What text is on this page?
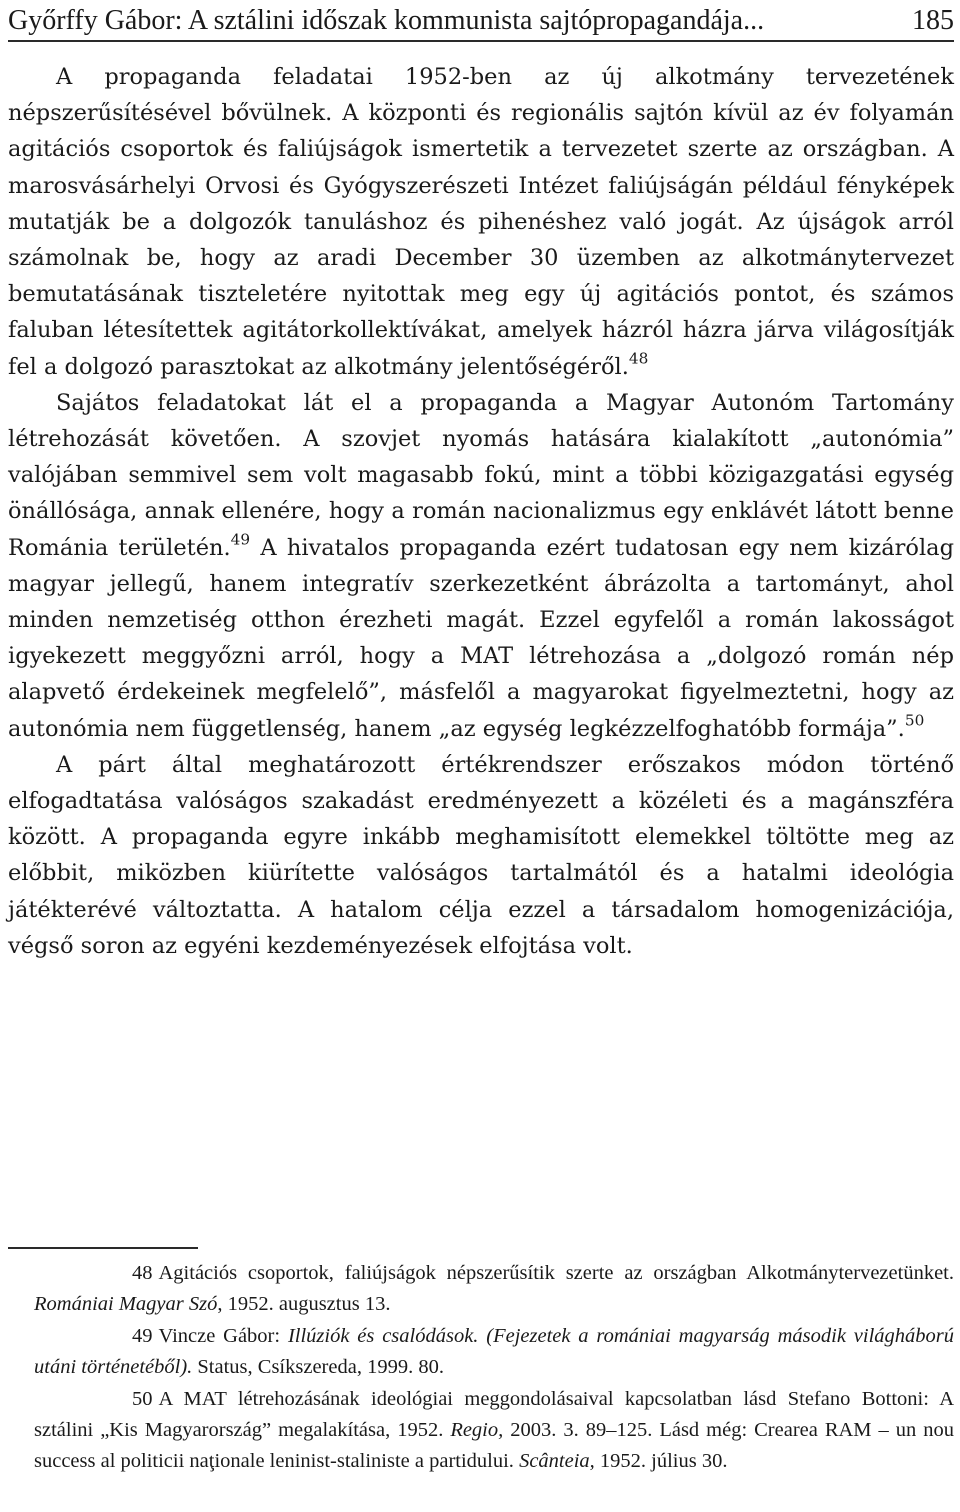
Győrffy Gábor: A sztálini időszak kommunista sajtópropagandája...	185

A propaganda feladatai 1952-ben az új alkotmány tervezetének népszerűsítésével bővülnek. A központi és regionális sajtón kívül az év folyamán agitációs csoportok és faliújságok ismertetik a tervezetet szerte az országban. A marosvásárhelyi Orvosi és Gyógyszerészeti Intézet faliújságán például fényképek mutatják be a dolgozók tanuláshoz és pihenéshez való jogát. Az újságok arról számolnak be, hogy az aradi December 30 üzemben az alkotmánytervezet bemutatásának tiszteletére nyitottak meg egy új agitációs pontot, és számos faluban létesítettek agitátorkollektívákat, amelyek házról házra járva világosítják fel a dolgozó parasztokat az alkotmány jelentőségéről.$^{48}$

Sajátos feladatokat lát el a propaganda a Magyar Autonóm Tartomány létrehozását követően. A szovjet nyomás hatására kialakított „autonómia” valójában semmivel sem volt magasabb fokú, mint a többi közigazgatási egység önállósága, annak ellenére, hogy a román nacionalizmus egy enklávét látott benne Románia területén.$^{49}$ A hivatalos propaganda ezért tudatosan egy nem kizárólag magyar jellegű, hanem integratív szerkezetként ábrázolta a tartományt, ahol minden nemzetiség otthon érezheti magát. Ezzel egyfelől a román lakosságot igyekezett meggyőzni arról, hogy a MAT létrehozása a „dolgozó román nép alapvető érdekeinek megfelelő”, másfelől a magyarokat figyelmeztetni, hogy az autonómia nem függetlenség, hanem „az egység legkézzelfoghatóbb formája”.$^{50}$

A párt által meghatározott értékrendszer erőszakos módon történő elfogadtatása valóságos szakadást eredményezett a közéleti és a magánszféra között. A propaganda egyre inkább meghamisított elemekkel töltötte meg az előbbit, miközben kiürítette valóságos tartalmától és a hatalmi ideológia játékterévé változtatta. A hatalom célja ezzel a társadalom homogenizációja, végső soron az egyéni kezdeményezések elfojtása volt.

48 Agitációs csoportok, faliújságok népszerűsítik szerte az országban Alkotmánytervezetünket. Romániai Magyar Szó, 1952. augusztus 13.

49 Vincze Gábor: Illúziók és csalódások. (Fejezetek a romániai magyarság második világháború utáni történetéből). Status, Csíkszereda, 1999. 80.

50 A MAT létrehozásának ideológiai meggondolásaival kapcsolatban lásd Stefano Bottoni: A sztálini „Kis Magyarország” megalakítása, 1952. Regio, 2003. 3. 89–125. Lásd még: Crearea RAM – un nou success al politicii naţionale leninist-staliniste a partidului. Scânteia, 1952. július 30.
